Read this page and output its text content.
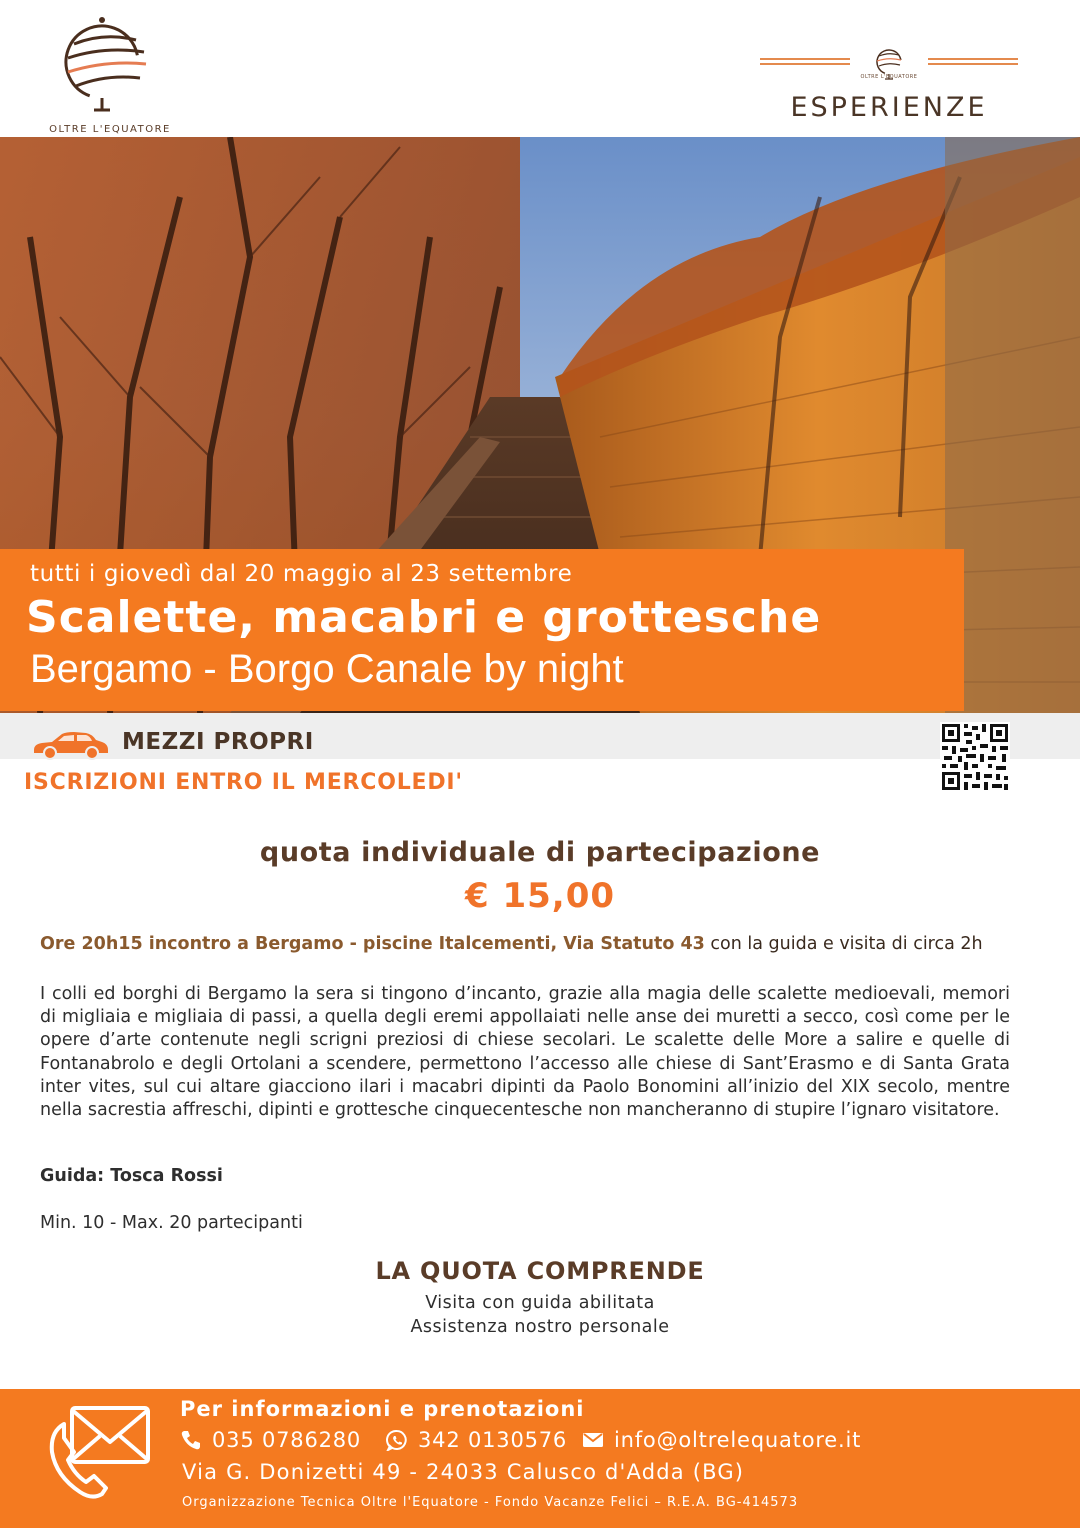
OLTRE L'EQUATORE
OLTRE L'EQUATORE
ESPERIENZE
tutti i giovedì dal 20 maggio al 23 settembre
Scalette, macabri e grottesche
Bergamo - Borgo Canale by night
MEZZI PROPRI
ISCRIZIONI ENTRO IL MERCOLEDI'
quota individuale di partecipazione
€ 15,00
Ore 20h15 incontro a Bergamo - piscine Italcementi, Via Statuto 43 con la guida e visita di circa 2h
I colli ed borghi di Bergamo la sera si tingono d’incanto, grazie alla magia delle scalette medioevali, memori di migliaia e migliaia di passi, a quella degli eremi appollaiati nelle anse dei muretti a secco, così come per le opere d’arte contenute negli scrigni preziosi di chiese secolari. Le scalette delle More a salire e quelle di Fontanabrolo e degli Ortolani a scendere, permettono l’accesso alle chiese di Sant’Erasmo e di Santa Grata inter vites, sul cui altare giacciono ilari i macabri dipinti da Paolo Bonomini all’inizio del XIX secolo, mentre nella sacrestia affreschi, dipinti e grottesche cinquecentesche non mancheranno di stupire l’ignaro visitatore.
Guida: Tosca Rossi
Min. 10 - Max. 20 partecipanti
LA QUOTA COMPRENDE
Visita con guida abilitata
Assistenza nostro personale
Per informazioni e prenotazioni
035 0786280	342 0130576 info@oltrelequatore.it
Via G. Donizetti 49 - 24033 Calusco d'Adda (BG)
Organizzazione Tecnica Oltre l'Equatore - Fondo Vacanze Felici – R.E.A. BG-414573
